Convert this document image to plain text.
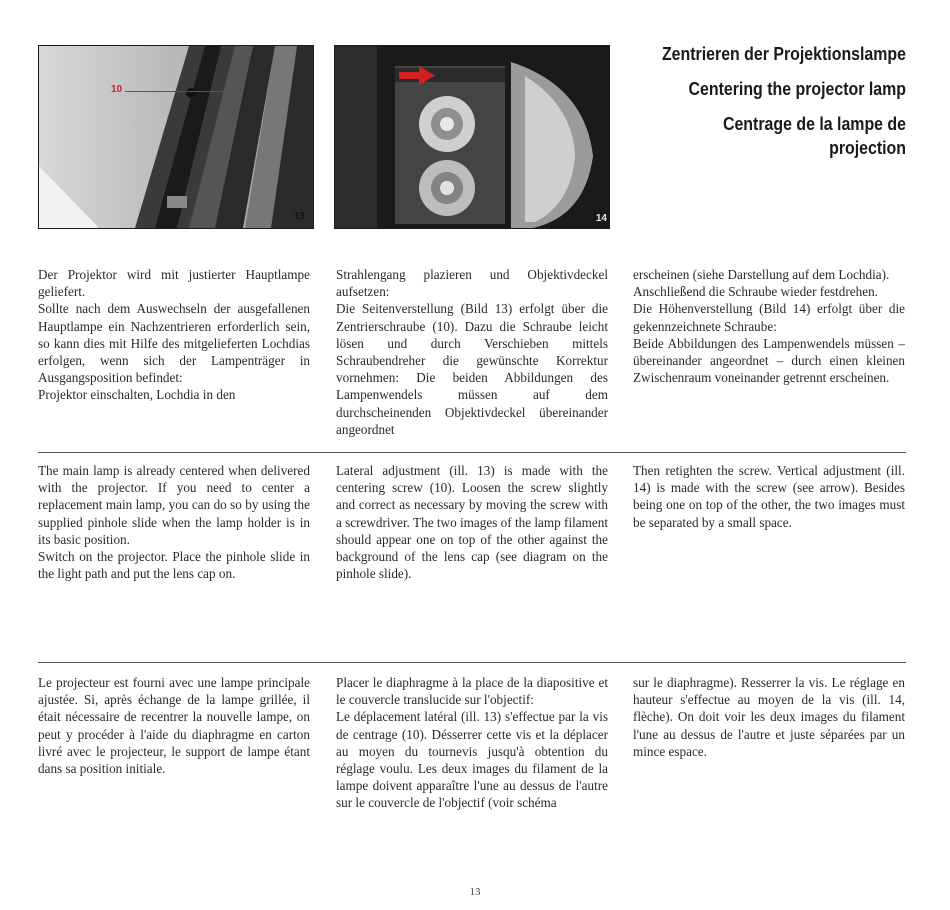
10
13	14
Zentrieren der Projektionslampe
Centering the projector lamp
Centrage de la lampe de projection

Der Projektor wird mit justierter Hauptlampe geliefert.

Sollte nach dem Auswechseln der ausgefallenen Hauptlampe ein Nachzentrieren erforderlich sein, so kann dies mit Hilfe des mitgelieferten Lochdias erfolgen, wenn sich der Lampenträger in Ausgangsposition befindet:

Projektor einschalten, Lochdia in den

Strahlengang plazieren und Objektivdeckel aufsetzen:

Die Seitenverstellung (Bild 13) erfolgt über die Zentrierschraube (10). Dazu die Schraube leicht lösen und durch Verschieben mittels Schraubendreher die gewünschte Korrektur vornehmen: Die beiden Abbildungen des Lampenwendels müssen auf dem durchscheinenden Objektivdeckel übereinander angeordnet

erscheinen (siehe Darstellung auf dem Lochdia).

Anschließend die Schraube wieder festdrehen.

Die Höhenverstellung (Bild 14) erfolgt über die gekennzeichnete Schraube:

Beide Abbildungen des Lampenwendels müssen – übereinander angeordnet – durch einen kleinen Zwischenraum voneinander getrennt erscheinen.

The main lamp is already centered when delivered with the projector. If you need to center a replacement main lamp, you can do so by using the supplied pinhole slide when the lamp holder is in its basic position.

Switch on the projector. Place the pinhole slide in the light path and put the lens cap on.

Lateral adjustment (ill. 13) is made with the centering screw (10). Loosen the screw slightly and correct as necessary by moving the screw with a screwdriver. The two images of the lamp filament should appear one on top of the other against the background of the lens cap (see diagram on the pinhole slide).

Then retighten the screw. Vertical adjustment (ill. 14) is made with the screw (see arrow). Besides being one on top of the other, the two images must be separated by a small space.

Le projecteur est fourni avec une lampe principale ajustée. Si, après échange de la lampe grillée, il était nécessaire de recentrer la nouvelle lampe, on peut y procéder à l'aide du diaphragme en carton livré avec le projecteur, le support de lampe étant dans sa position initiale.

Placer le diaphragme à la place de la diapositive et le couvercle translucide sur l'objectif:

Le déplacement latéral (ill. 13) s'effectue par la vis de centrage (10). Désserrer cette vis et la déplacer au moyen du tournevis jusqu'à obtention du réglage voulu. Les deux images du filament de la lampe doivent apparaître l'une au dessus de l'autre sur le couvercle de l'objectif (voir schéma

sur le diaphragme). Resserrer la vis. Le réglage en hauteur s'effectue au moyen de la vis (ill. 14, flèche). On doit voir les deux images du filament l'une au dessus de l'autre et juste séparées par un mince espace.

13
